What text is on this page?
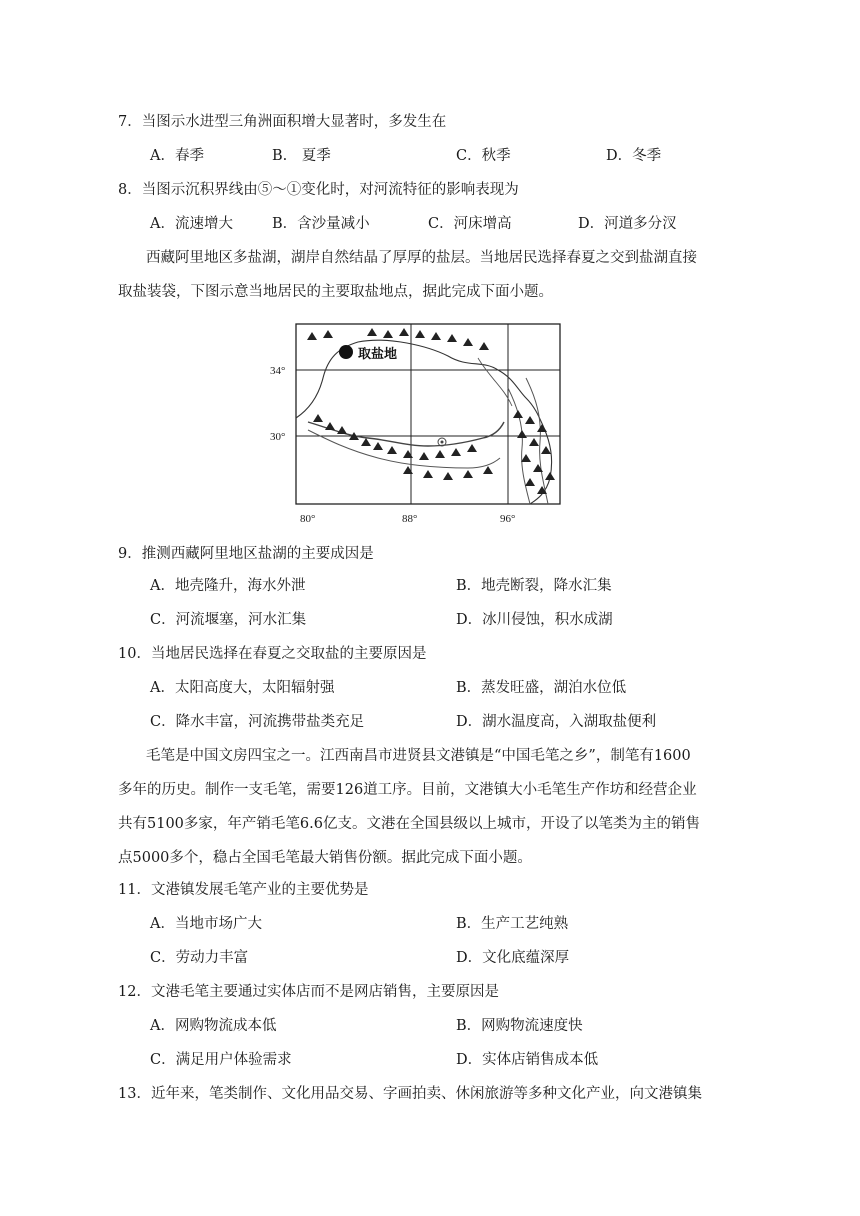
7．当图示水进型三角洲面积增大显著时，多发生在
A．春季	B.　夏季	C．秋季	D．冬季
8．当图示沉积界线由⑤～①变化时，对河流特征的影响表现为
A．流速增大	B．含沙量减小	C．河床增高	D．河道多分汊
西藏阿里地区多盐湖，湖岸自然结晶了厚厚的盐层。当地居民选择春夏之交到盐湖直接
取盐装袋，下图示意当地居民的主要取盐地点，据此完成下面小题。
取盐地
34°
30°
80°	88°	96°
9．推测西藏阿里地区盐湖的主要成因是
A．地壳隆升，海水外泄	B．地壳断裂，降水汇集
C．河流堰塞，河水汇集	D．冰川侵蚀，积水成湖
10．当地居民选择在春夏之交取盐的主要原因是
A．太阳高度大，太阳辐射强	B．蒸发旺盛，湖泊水位低
C．降水丰富，河流携带盐类充足	D．湖水温度高，入湖取盐便利
毛笔是中国文房四宝之一。江西南昌市进贤县文港镇是“中国毛笔之乡”，制笔有1600
多年的历史。制作一支毛笔，需要126道工序。目前，文港镇大小毛笔生产作坊和经营企业
共有5100多家，年产销毛笔6.6亿支。文港在全国县级以上城市，开设了以笔类为主的销售
点5000多个，稳占全国毛笔最大销售份额。据此完成下面小题。
11．文港镇发展毛笔产业的主要优势是
A．当地市场广大	B．生产工艺纯熟
C．劳动力丰富	D．文化底蕴深厚
12．文港毛笔主要通过实体店而不是网店销售，主要原因是
A．网购物流成本低	B．网购物流速度快
C．满足用户体验需求	D．实体店销售成本低
13．近年来，笔类制作、文化用品交易、字画拍卖、休闲旅游等多种文化产业，向文港镇集
